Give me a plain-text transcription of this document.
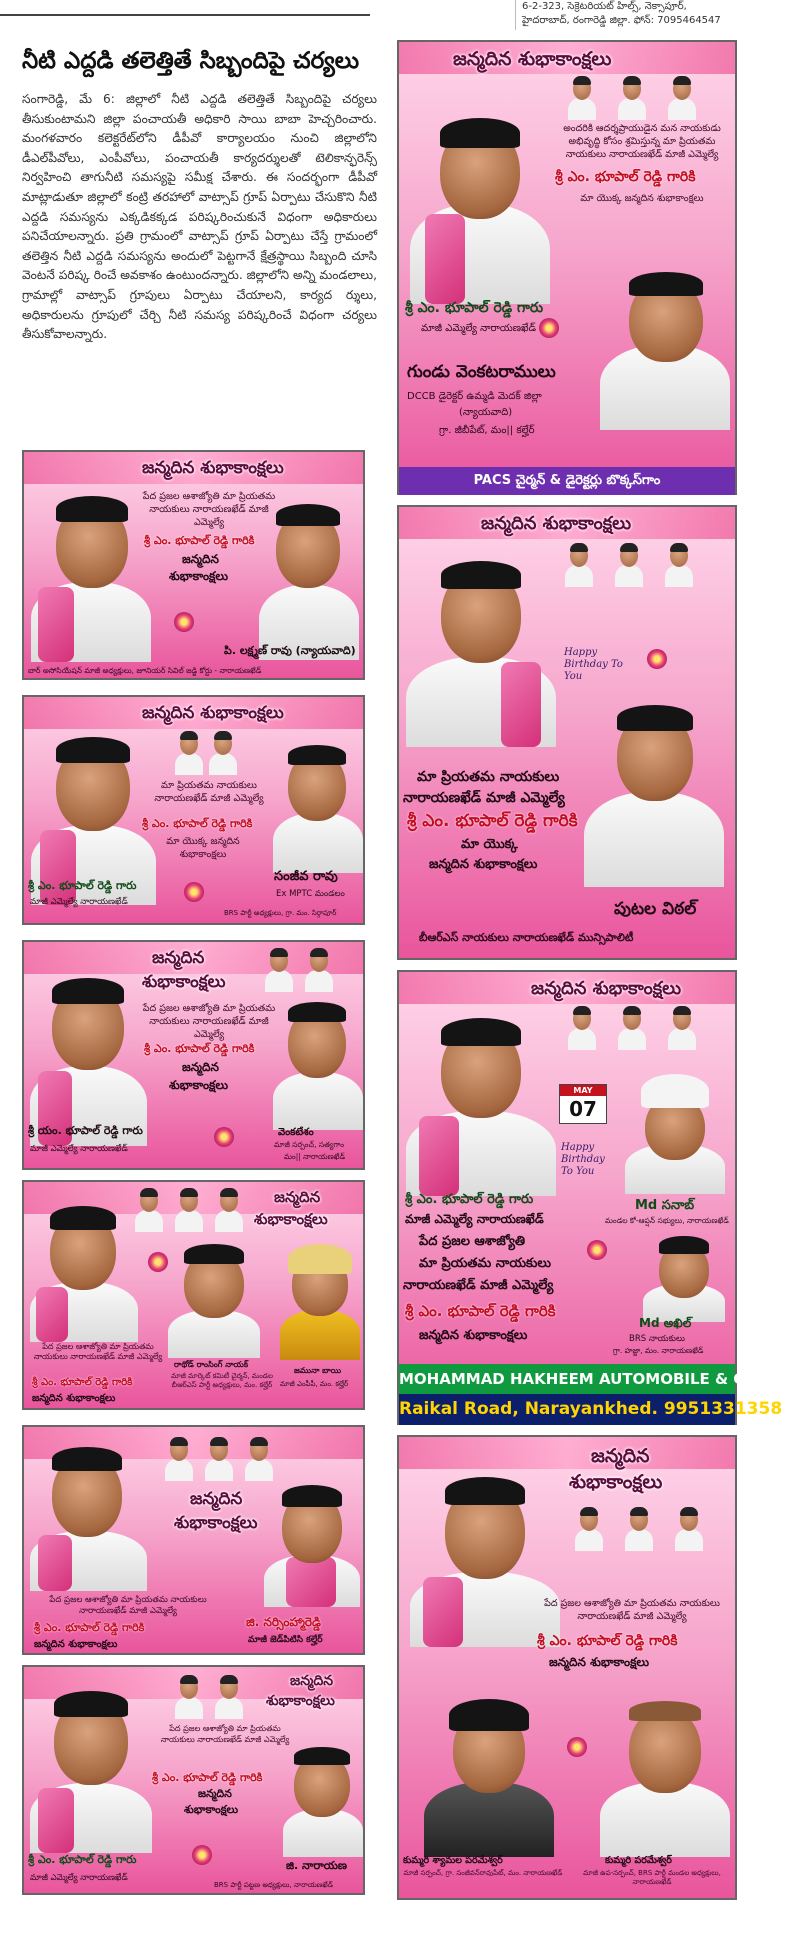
6-2-323, సెక్రెటరియట్ హిల్స్, నెక్సాపూర్,
హైదరాబాద్, రంగారెడ్డి జిల్లా. ఫోన్: 7095464547
నీటి ఎద్దడి తలెత్తితే సిబ్బందిపై చర్యలు

సంగారెడ్డి, మే 6: జిల్లాలో నీటి ఎద్దడి తలెత్తితే సిబ్బందిపై చర్యలు తీసుకుంటామని జిల్లా పంచాయతీ అధికారి సాయి బాబా హెచ్చరించారు. మంగళవారం కలెక్టరేట్‌లోని డీపీవో కార్యాలయం నుంచి జిల్లాలోని డీఎల్‌పీవోలు, ఎంపీవోలు, పంచాయతీ కార్యదర్శులతో టెలికాన్ఫరెన్స్ నిర్వహించి తాగునీటి సమస్యపై సమీక్ష చేశారు. ఈ సందర్భంగా డీపీవో మాట్లాడుతూ జిల్లాలో కంట్రి తరహాలో వాట్సాప్ గ్రూప్ ఏర్పాటు చేసుకొని నీటి ఎద్దడి సమస్యను ఎక్కడికక్కడ పరిష్కరించుకునే విధంగా అధికారులు పనిచేయాలన్నారు. ప్రతి గ్రామంలో వాట్సాప్ గ్రూప్ ఏర్పాటు చేస్తే గ్రామంలో తలెత్తిన నీటి ఎద్దడి సమస్యను అందులో పెట్టగానే క్షేత్రస్థాయి సిబ్బంది చూసి వెంటనే పరిష్క రించే అవకాశం ఉంటుందన్నారు. జిల్లాలోని అన్ని మండలాలు, గ్రామాల్లో వాట్సాప్ గ్రూపులు ఏర్పాటు చేయాలని, కార్యద ర్శులు, అధికారులను గ్రూపులో చేర్చి నీటి సమస్య పరిష్కరించే విధంగా చర్యలు తీసుకోవాలన్నారు.

జన్మదిన శుభాకాంక్షలు
అందరికి ఆదర్శప్రాయుడైన మన నాయకుడు అభివృద్ధి కోసం శ్రమిస్తున్న మా ప్రియతమ నాయకులు నారాయణఖేడ్ మాజీ ఎమ్మెల్యే
శ్రీ ఎం. భూపాల్ రెడ్డి గారికి
మా యొక్క జన్మదిన శుభాకాంక్షలు
శ్రీ ఎం. భూపాల్ రెడ్డి గారు
మాజీ ఎమ్మెల్యే నారాయణఖేడ్
గుండు వెంకటరాములు
DCCB డైరెక్టర్ ఉమ్మడి మెదక్ జిల్లా
(న్యాయవాది)
గ్రా. జీబీపేట్, మం|| కల్హేర్
PACS చైర్మన్ & డైరెక్టర్లు బొక్కస్‌గాం
జన్మదిన శుభాకాంక్షలు
పేద ప్రజల ఆశాజ్యోతి మా ప్రియతమ నాయకులు నారాయణఖేడ్ మాజీ ఎమ్మెల్యే
శ్రీ ఎం. భూపాల్ రెడ్డి గారికి
జన్మదిన
శుభాకాంక్షలు
పి. లక్ష్మణ్ రావు (న్యాయవాది)
బార్ అసోసియేషన్ మాజీ అధ్యక్షులు, జూనియర్ సివిల్ జడ్జి కోర్టు - నారాయణఖేడ్
జన్మదిన శుభాకాంక్షలు
Happy Birthday To You
మా ప్రియతమ నాయకులు
నారాయణఖేడ్ మాజీ ఎమ్మెల్యే
శ్రీ ఎం. భూపాల్ రెడ్డి గారికి
మా యొక్క
జన్మదిన శుభాకాంక్షలు
పుటల విఠల్
బీఆర్ఎస్ నాయకులు నారాయణఖేడ్ మున్సిపాలిటీ
జన్మదిన శుభాకాంక్షలు
మా ప్రియతమ నాయకులు నారాయణఖేడ్ మాజీ ఎమ్మెల్యే
శ్రీ ఎం. భూపాల్ రెడ్డి గారికి
మా యొక్క జన్మదిన శుభాకాంక్షలు
శ్రీ ఎం. భూపాల్ రెడ్డి గారు
మాజీ ఎమ్మెల్యే నారాయణఖేడ్
సంజీవ రావు
Ex MPTC మండలం
BRS పార్టీ అధ్యక్షులు, గ్రా. మం. సిర్గాపూర్
జన్మదిన
శుభాకాంక్షలు
పేద ప్రజల ఆశాజ్యోతి మా ప్రియతమ నాయకులు నారాయణఖేడ్ మాజీ ఎమ్మెల్యే
శ్రీ ఎం. భూపాల్ రెడ్డి గారికి
జన్మదిన
శుభాకాంక్షలు
శ్రీ యం. భూపాల్ రెడ్డి గారు
మాజీ ఎమ్మెల్యే నారాయణఖేడ్
వెంకటేశం
మాజీ సర్పంచ్, సత్యగాం
మం|| నారాయణఖేడ్
జన్మదిన శుభాకాంక్షలు
MAY
07
Happy Birthday To You
శ్రీ ఎం. భూపాల్ రెడ్డి గారు
మాజీ ఎమ్మెల్యే నారాయణఖేడ్
Md సనాబ్
మండల కో-ఆప్షన్ సభ్యులు, నారాయణఖేడ్
పేద ప్రజల ఆశాజ్యోతి
మా ప్రియతమ నాయకులు
నారాయణఖేడ్ మాజీ ఎమ్మెల్యే
శ్రీ ఎం. భూపాల్ రెడ్డి గారికి
Md అఖిల్
BRS నాయకులు
గ్రా. హజ్జా, మం. నారాయణఖేడ్
జన్మదిన శుభాకాంక్షలు
MOHAMMAD HAKHEEM AUTOMOBILE & GARAGE
Raikal Road, Narayankhed. 9951331358
జన్మదిన
శుభాకాంక్షలు
పేద ప్రజల ఆశాజ్యోతి మా ప్రియతమ నాయకులు నారాయణఖేడ్ మాజీ ఎమ్మెల్యే
శ్రీ ఎం. భూపాల్ రెడ్డి గారికి
జన్మదిన శుభాకాంక్షలు
రాథోడ్ రాంసింగ్ నాయక్
మాజీ మార్కెట్ కమిటీ చైర్మన్, మండల బీఆర్ఎస్ పార్టీ అధ్యక్షులు, మం. కల్హేర్
జమునా బాయి
మాజీ ఎంపీపీ, మం. కల్హేర్
జన్మదిన
శుభాకాంక్షలు
పేద ప్రజల ఆశాజ్యోతి మా ప్రియతమ నాయకులు నారాయణఖేడ్ మాజీ ఎమ్మెల్యే
శ్రీ ఎం. భూపాల్ రెడ్డి గారికి
జన్మదిన శుభాకాంక్షలు
జి. నర్సింహ్మారెడ్డి
మాజీ జెడ్‌పిటిసి కల్హేర్
జన్మదిన
శుభాకాంక్షలు
పేద ప్రజల ఆశాజ్యోతి మా ప్రియతమ నాయకులు నారాయణఖేడ్ మాజీ ఎమ్మెల్యే
శ్రీ ఎం. భూపాల్ రెడ్డి గారికి
జన్మదిన శుభాకాంక్షలు
కుమ్మరి శ్యామల పరమేశ్వర్
మాజీ సర్పంచ్, గ్రా. సంజీవన్‌రావుపేట్, మం. నారాయణఖేడ్
కుమ్మరి పరమేశ్వర్
మాజీ ఉప-సర్పంచ్, BRS పార్టీ మండల అధ్యక్షులు, నారాయణఖేడ్
జన్మదిన
శుభాకాంక్షలు
పేద ప్రజల ఆశాజ్యోతి మా ప్రియతమ నాయకులు నారాయణఖేడ్ మాజీ ఎమ్మెల్యే
శ్రీ ఎం. భూపాల్ రెడ్డి గారికి
జన్మదిన
శుభాకాంక్షలు
శ్రీ ఎం. భూపాల్ రెడ్డి గారు
మాజీ ఎమ్మెల్యే నారాయణఖేడ్
జి. నారాయణ
BRS పార్టీ పట్టణ అధ్యక్షులు, నారాయణఖేడ్
